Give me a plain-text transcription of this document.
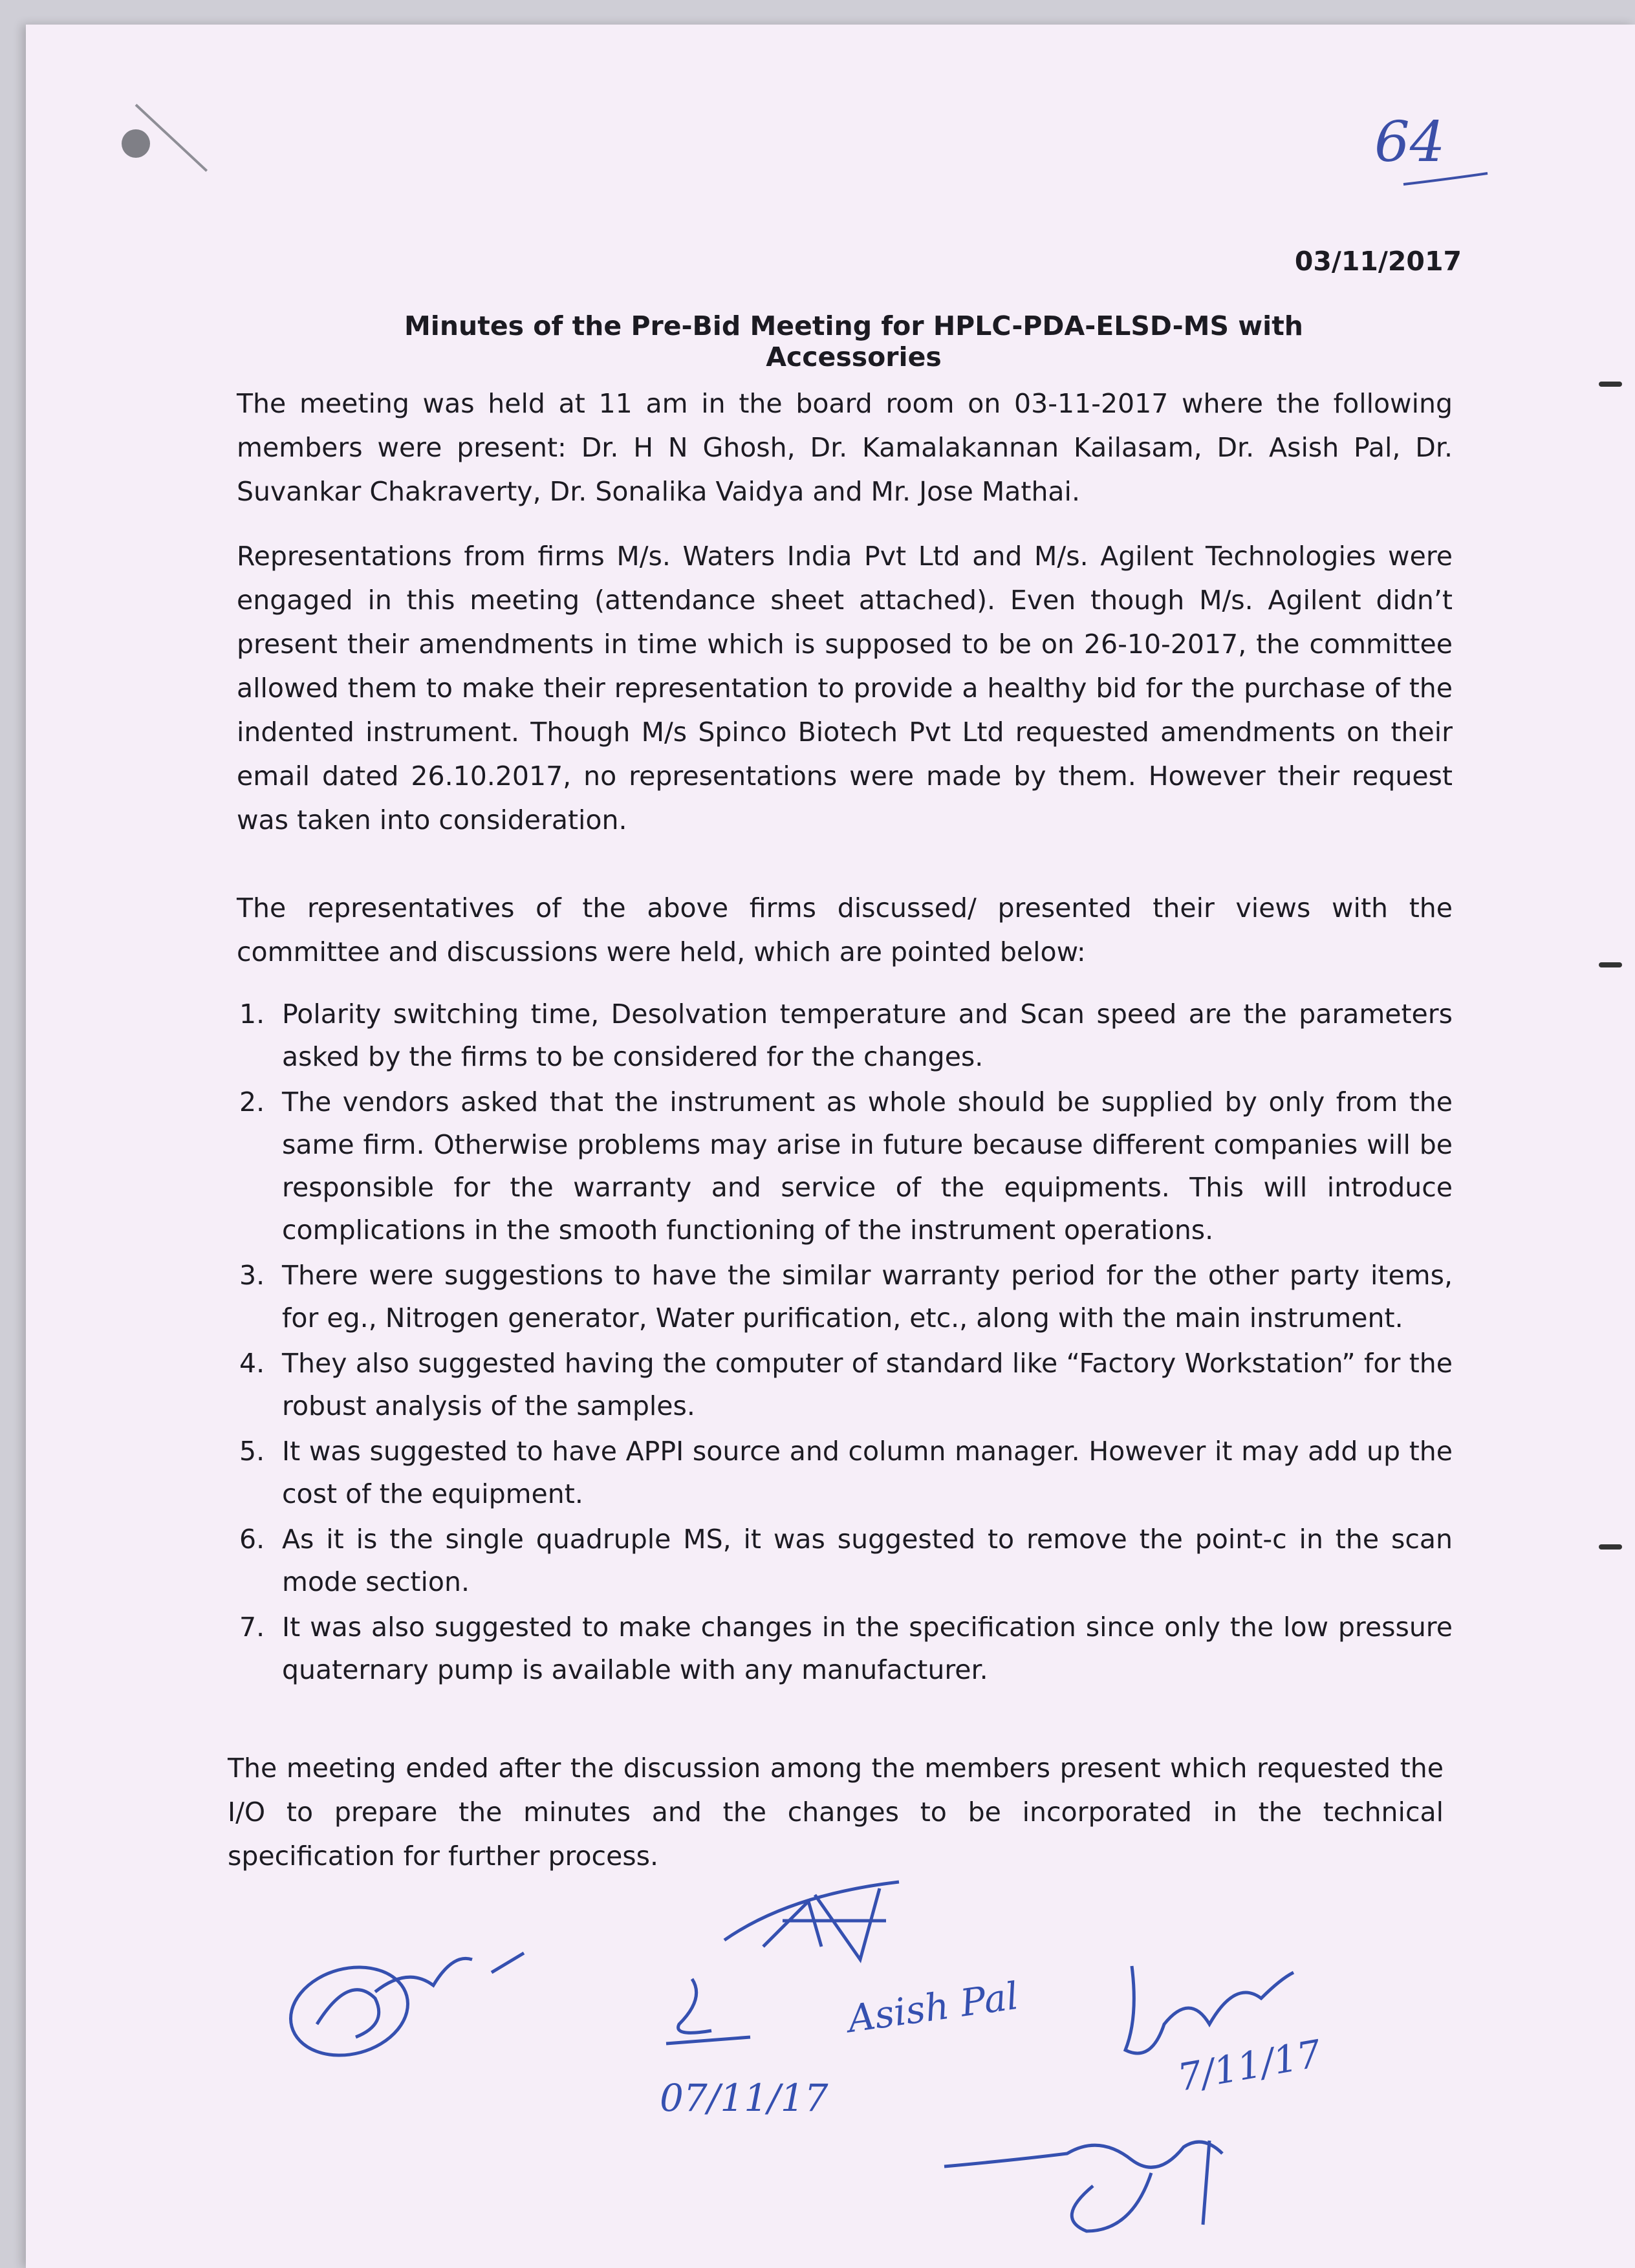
64
03/11/2017
Minutes of the Pre-Bid Meeting for HPLC-PDA-ELSD-MS with Accessories
The meeting was held at 11 am in the board room on 03-11-2017 where the following members were present: Dr. H N Ghosh, Dr. Kamalakannan Kailasam, Dr. Asish Pal, Dr. Suvankar Chakraverty, Dr. Sonalika Vaidya and Mr. Jose Mathai.
Representations from firms M/s. Waters India Pvt Ltd and M/s. Agilent Technologies were engaged in this meeting (attendance sheet attached). Even though M/s. Agilent didn’t present their amendments in time which is supposed to be on 26-10-2017, the committee allowed them to make their representation to provide a healthy bid for the purchase of the indented instrument. Though M/s Spinco Biotech Pvt Ltd requested amendments on their email dated 26.10.2017, no representations were made by them. However their request was taken into consideration.
The representatives of the above firms discussed/ presented their views with the committee and discussions were held, which are pointed below:
1. Polarity switching time, Desolvation temperature and Scan speed are the parameters asked by the firms to be considered for the changes.
2. The vendors asked that the instrument as whole should be supplied by only from the same firm. Otherwise problems may arise in future because different companies will be responsible for the warranty and service of the equipments. This will introduce complications in the smooth functioning of the instrument operations.
3. There were suggestions to have the similar warranty period for the other party items, for eg., Nitrogen generator, Water purification, etc., along with the main instrument.
4. They also suggested having the computer of standard like “Factory Workstation” for the robust analysis of the samples.
5. It was suggested to have APPI source and column manager. However it may add up the cost of the equipment.
6. As it is the single quadruple MS, it was suggested to remove the point-c in the scan mode section.
7. It was also suggested to make changes in the specification since only the low pressure quaternary pump is available with any manufacturer.
The meeting ended after the discussion among the members present which requested the I/O to prepare the minutes and the changes to be incorporated in the technical specification for further process.
07/11/17
Asish Pal
7/11/17
